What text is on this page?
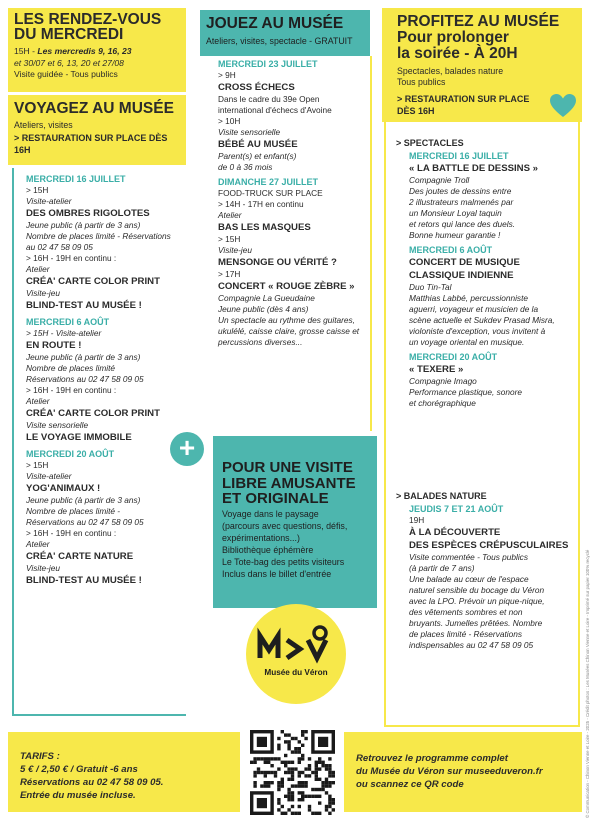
LES RENDEZ-VOUS
DU MERCREDI
15H - Les mercredis 9, 16, 23
et 30/07 et 6, 13, 20 et 27/08
Visite guidée - Tous publics
VOYAGEZ AU MUSÉE
Ateliers, visites
> RESTAURATION SUR PLACE DÈS
16H
MERCREDI 16 JUILLET
> 15H
Visite-atelier
DES OMBRES RIGOLOTES
Jeune public (à partir de 3 ans)
Nombre de places limité - Réservations
au 02 47 58 09 05
> 16H - 19H en continu :
Atelier
CRÉA' CARTE COLOR PRINT
Visite-jeu
BLIND-TEST AU MUSÉE !
MERCREDI 6 AOÛT
> 15H - Visite-atelier
EN ROUTE !
Jeune public (à partir de 3 ans)
Nombre de places limité
Réservations au 02 47 58 09 05
> 16H - 19H en continu :
Atelier
CRÉA' CARTE COLOR PRINT
Visite sensorielle
LE VOYAGE IMMOBILE
MERCREDI 20 AOÛT
> 15H
Visite-atelier
YOG'ANIMAUX !
Jeune public (à partir de 3 ans)
Nombre de places limité -
Réservations au 02 47 58 09 05
> 16H - 19H en continu :
Atelier
CRÉA' CARTE NATURE
Visite-jeu
BLIND-TEST AU MUSÉE !
JOUEZ AU MUSÉE
Ateliers, visites, spectacle - GRATUIT
MERCREDI 23 JUILLET
> 9H
CROSS ÉCHECS
Dans le cadre du 39e Open
international d'échecs d'Avoine
> 10H
Visite sensorielle
BÉBÉ AU MUSÉE
Parent(s) et enfant(s)
de 0 à 36 mois
DIMANCHE 27 JUILLET
FOOD-TRUCK SUR PLACE
> 14H - 17H en continu
Atelier
BAS LES MASQUES
> 15H
Visite-jeu
MENSONGE OU VÉRITÉ ?
> 17H
CONCERT « ROUGE ZÈBRE »
Compagnie La Gueudaine
Jeune public (dès 4 ans)
Un spectacle au rythme des guitares,
ukulélé, caisse claire, grosse caisse et
percussions diverses...
PROFITEZ AU MUSÉE
Pour prolonger
la soirée - À 20H
Spectacles, balades nature
Tous publics
> RESTAURATION SUR PLACE
DÈS 16H
> SPECTACLES
MERCREDI 16 JUILLET
« LA BATTLE DE DESSINS »
Compagnie Troll
Des joutes de dessins entre
2 illustrateurs malmenés par
un Monsieur Loyal taquin
et retors qui lance des duels.
Bonne humeur garantie !
MERCREDI 6 AOÛT
CONCERT DE MUSIQUE
CLASSIQUE INDIENNE
Duo Tin-Tal
Matthias Labbé, percussionniste
aguerri, voyageur et musicien de la
scène actuelle et Sukdev Prasad Misra,
violoniste d'exception, vous invitent à
un voyage oriental en musique.
MERCREDI 20 AOÛT
« TEXERE »
Compagnie Imago
Performance plastique, sonore
et chorégraphique
> BALADES NATURE
JEUDIS 7 ET 21 AOÛT
19H
À LA DÉCOUVERTE
DES ESPÈCES CRÉPUSCULAIRES
Visite commentée - Tous publics
(à partir de 7 ans)
Une balade au cœur de l'espace
naturel sensible du bocage du Véron
avec la LPO. Prévoir un pique-nique,
des vêtements sombres et non
bruyants. Jumelles prêtées. Nombre
de places limité - Réservations
indispensables au 02 47 58 09 05
+
POUR UNE VISITE
LIBRE AMUSANTE
ET ORIGINALE
Voyage dans le paysage
(parcours avec questions, défis,
expérimentations...)
Bibliothèque éphémère
Le Tote-bag des petits visiteurs
Inclus dans le billet d'entrée
Musée du Véron
TARIFS :
5 € / 2,50 € / Gratuit -6 ans
Réservations au 02 47 58 09 05.
Entrée du musée incluse.
Retrouvez le programme complet
du Musée du Véron sur museeduveron.fr
ou scannez ce QR code	© Communication - Chinon Vienne et Loire - 2025 - Crédit photos : Les Musées Chinon Vienne et Loire - Imprimé sur papier 100% recyclé
